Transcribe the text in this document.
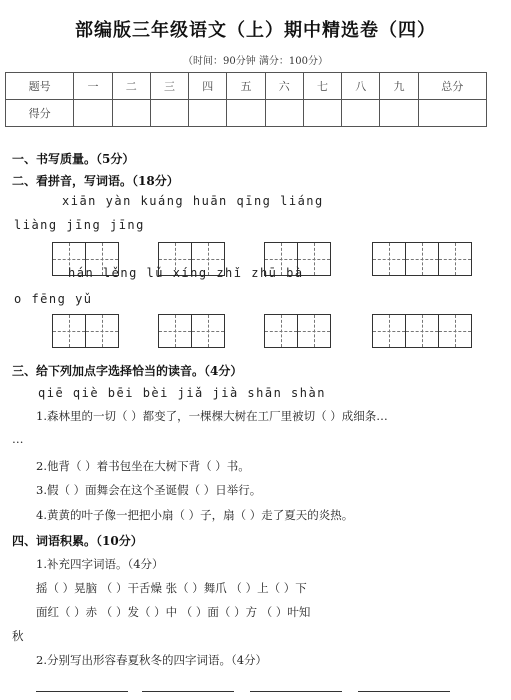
部编版三年级语文（上）期中精选卷（四）
（时间：90分钟 满分：100分）
题号	一	二	三	四	五	六	七	八	九	总分
得分										
一、书写质量。（5分）
二、看拼音，写词语。（18分）
xiān yàn kuáng huān qīng liáng
liàng jīng jīng
hán lěng lǔ xíng zhǐ zhū bà
o fēng yǔ
三、给下列加点字选择恰当的读音。（4分）
qiē qiè bēi bèi jiǎ jià shān shàn
1.森林里的一切（ ）都变了，一棵棵大树在工厂里被切（ ）成细条…
…
2.他背（ ）着书包坐在大树下背（ ）书。
3.假（ ）面舞会在这个圣诞假（ ）日举行。
4.黄黄的叶子像一把把小扇（ ）子，扇（ ）走了夏天的炎热。
四、词语积累。（10分）
1.补充四字词语。（4分）
摇（ ）晃脑 （ ）干舌燥 张（ ）舞爪 （ ）上（ ）下
面红（ ）赤 （ ）发（ ）中 （ ）面（ ）方 （ ）叶知
秋
2.分别写出形容春夏秋冬的四字词语。（4分）
